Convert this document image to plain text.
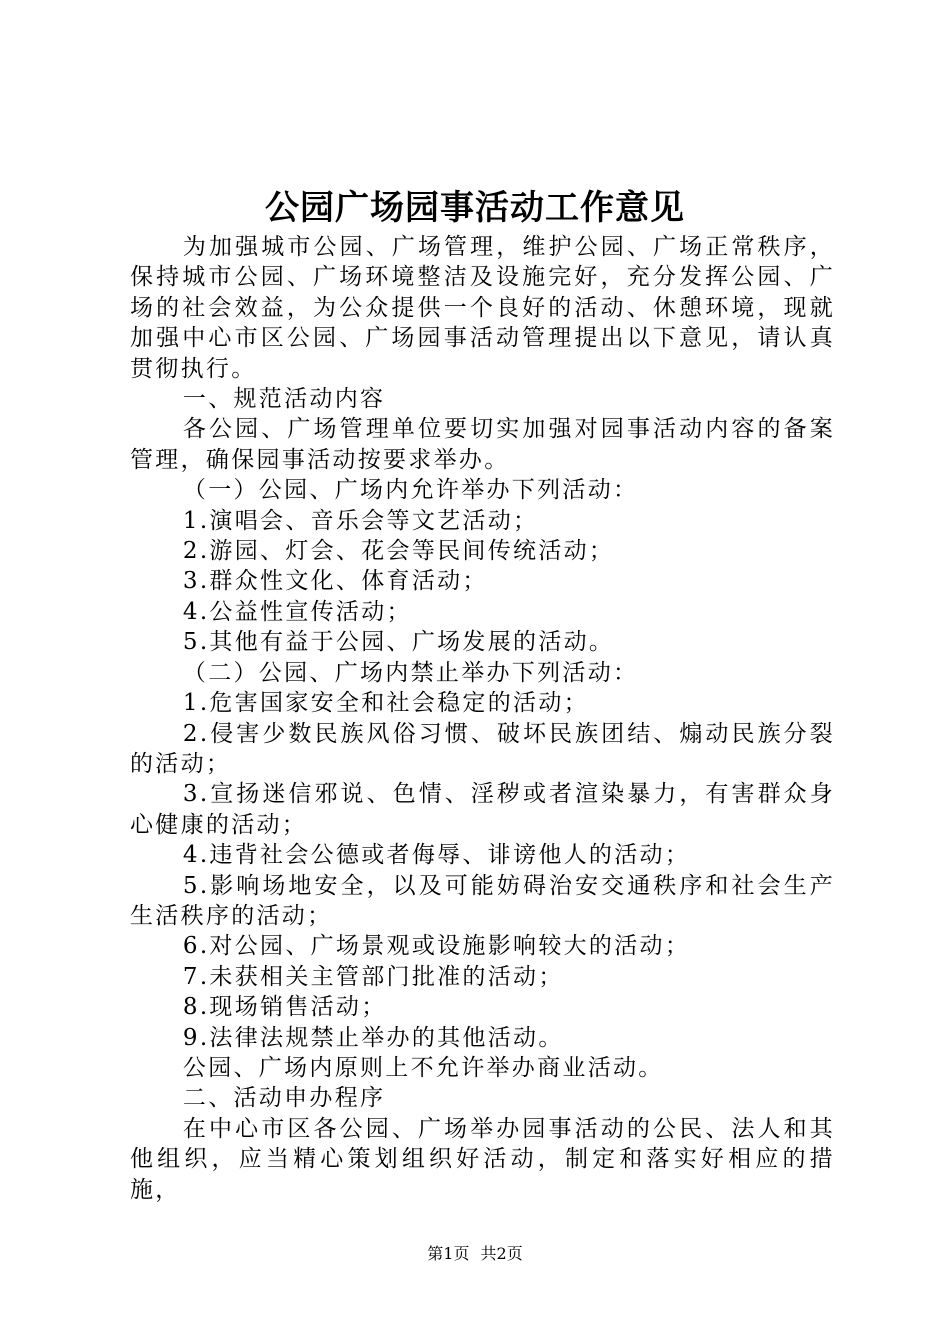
公园广场园事活动工作意见

为加强城市公园、广场管理，维护公园、广场正常秩序，保持城市公园、广场环境整洁及设施完好，充分发挥公园、广场的社会效益，为公众提供一个良好的活动、休憩环境，现就加强中心市区公园、广场园事活动管理提出以下意见，请认真贯彻执行。

一、规范活动内容

各公园、广场管理单位要切实加强对园事活动内容的备案管理，确保园事活动按要求举办。

（一）公园、广场内允许举办下列活动：

1.演唱会、音乐会等文艺活动；

2.游园、灯会、花会等民间传统活动；

3.群众性文化、体育活动；

4.公益性宣传活动；

5.其他有益于公园、广场发展的活动。

（二）公园、广场内禁止举办下列活动：

1.危害国家安全和社会稳定的活动；

2.侵害少数民族风俗习惯、破坏民族团结、煽动民族分裂的活动；

3.宣扬迷信邪说、色情、淫秽或者渲染暴力，有害群众身心健康的活动；

4.违背社会公德或者侮辱、诽谤他人的活动；

5.影响场地安全，以及可能妨碍治安交通秩序和社会生产生活秩序的活动；

6.对公园、广场景观或设施影响较大的活动；

7.未获相关主管部门批准的活动；

8.现场销售活动；

9.法律法规禁止举办的其他活动。

公园、广场内原则上不允许举办商业活动。

二、活动申办程序

在中心市区各公园、广场举办园事活动的公民、法人和其他组织，应当精心策划组织好活动，制定和落实好相应的措施，

第1页 共2页
